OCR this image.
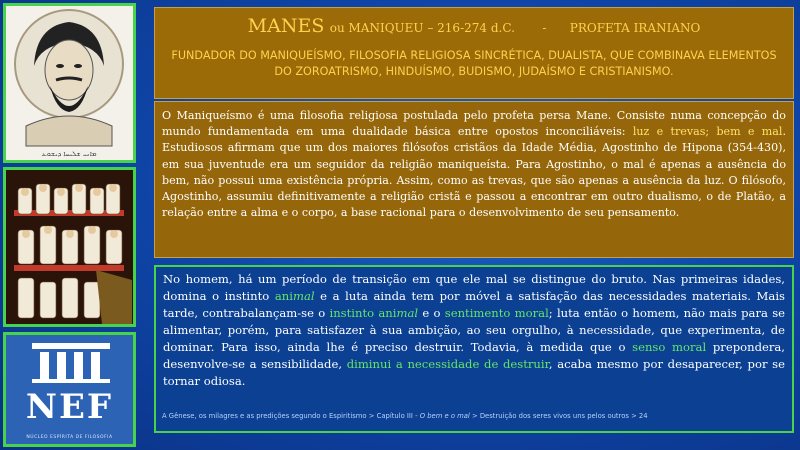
ܡܐܢܝ ܫܠܝܚܐ ܕܝܫܘܥ
NEF
NÚCLEO ESPÍRITA DE FILOSOFIA
MANES ou MANIQUEU – 216-274 d.C. - PROFETA IRANIANO
FUNDADOR DO MANIQUEÍSMO, FILOSOFIA RELIGIOSA SINCRÉTICA, DUALISTA, QUE COMBINAVA ELEMENTOS DO ZOROATRISMO, HINDUÍSMO, BUDISMO, JUDAÍSMO E CRISTIANISMO.
O Maniqueísmo é uma filosofia religiosa postulada pelo profeta persa Mane. Consiste numa concepção do mundo fundamentada em uma dualidade básica entre opostos inconciliáveis: luz e trevas; bem e mal. Estudiosos afirmam que um dos maiores filósofos cristãos da Idade Média, Agostinho de Hipona (354-430), em sua juventude era um seguidor da religião maniqueísta. Para Agostinho, o mal é apenas a ausência do bem, não possui uma existência própria. Assim, como as trevas, que são apenas a ausência da luz. O filósofo, Agostinho, assumiu definitivamente a religião cristã e passou a encontrar em outro dualismo, o de Platão, a relação entre a alma e o corpo, a base racional para o desenvolvimento de seu pensamento.
No homem, há um período de transição em que ele mal se distingue do bruto. Nas primeiras idades, domina o instinto animal e a luta ainda tem por móvel a satisfação das necessidades materiais. Mais tarde, contrabalançam-se o instinto animal e o sentimento moral; luta então o homem, não mais para se alimentar, porém, para satisfazer à sua ambição, ao seu orgulho, à necessidade, que experimenta, de dominar. Para isso, ainda lhe é preciso destruir. Todavia, à medida que o senso moral prepondera, desenvolve-se a sensibilidade, diminui a necessidade de destruir, acaba mesmo por desaparecer, por se tornar odiosa.
A Gênese, os milagres e as predições segundo o Espiritismo > Capítulo III - O bem e o mal > Destruição dos seres vivos uns pelos outros > 24
